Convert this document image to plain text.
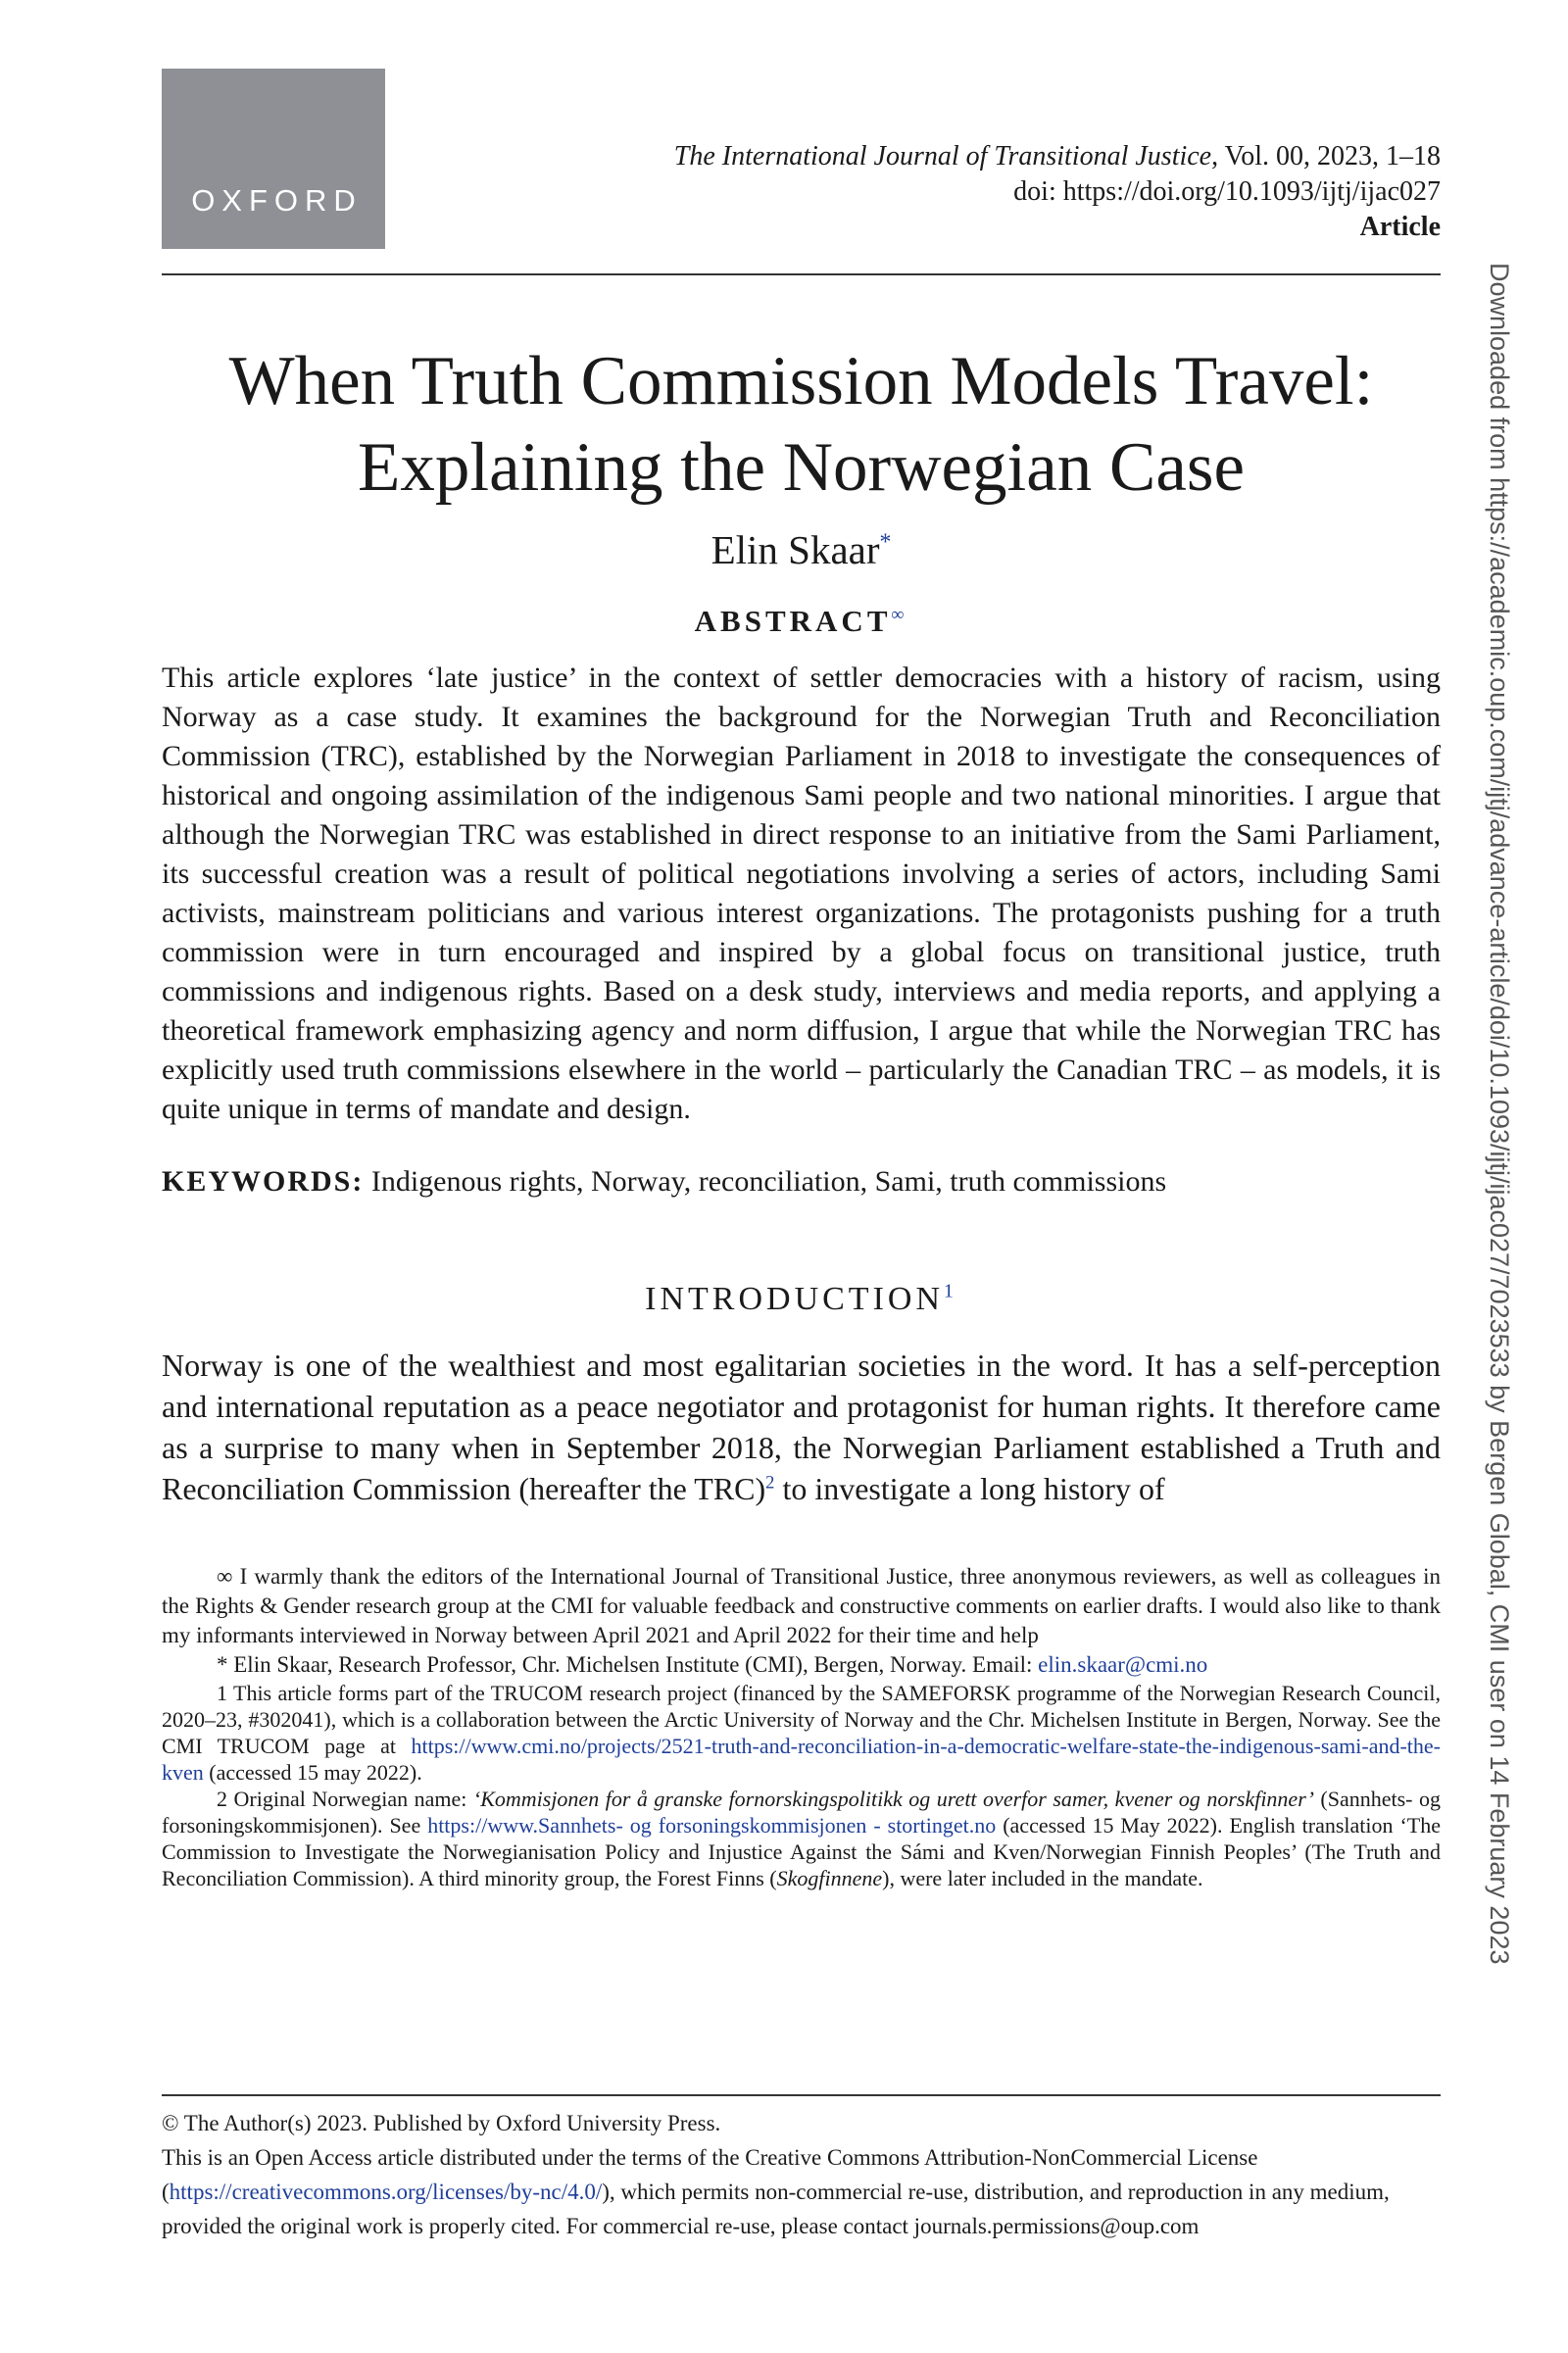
OXFORD
The International Journal of Transitional Justice, Vol. 00, 2023, 1–18
doi: https://doi.org/10.1093/ijtj/ijac027
Article
Downloaded from https://academic.oup.com/ijtj/advance-article/doi/10.1093/ijtj/ijac027/7023533 by Bergen Global, CMI user on 14 February 2023
When Truth Commission Models Travel:
Explaining the Norwegian Case
Elin Skaar*
ABSTRACT∞

This article explores ‘late justice’ in the context of settler democracies with a history of racism, using Norway as a case study. It examines the background for the Norwegian Truth and Reconciliation Commission (TRC), established by the Norwegian Parliament in 2018 to investigate the consequences of historical and ongoing assimilation of the indigenous Sami people and two national minorities. I argue that although the Norwegian TRC was established in direct response to an initiative from the Sami Parliament, its successful creation was a result of political negotiations involving a series of actors, including Sami activists, mainstream politicians and various interest organizations. The protagonists pushing for a truth commission were in turn encouraged and inspired by a global focus on transitional justice, truth commissions and indigenous rights. Based on a desk study, interviews and media reports, and applying a theoretical framework emphasizing agency and norm diffusion, I argue that while the Norwegian TRC has explicitly used truth commissions elsewhere in the world – particularly the Canadian TRC – as models, it is quite unique in terms of mandate and design.

KEYWORDS: Indigenous rights, Norway, reconciliation, Sami, truth commissions
INTRODUCTION$^1$

Norway is one of the wealthiest and most egalitarian societies in the word. It has a self-perception and international reputation as a peace negotiator and protagonist for human rights. It therefore came as a surprise to many when in September 2018, the Norwegian Parliament established a Truth and Reconciliation Commission (hereafter the TRC)$^2$ to investigate a long history of

∞ I warmly thank the editors of the International Journal of Transitional Justice, three anonymous reviewers, as well as colleagues in the Rights & Gender research group at the CMI for valuable feedback and constructive comments on earlier drafts. I would also like to thank my informants interviewed in Norway between April 2021 and April 2022 for their time and help

* Elin Skaar, Research Professor, Chr. Michelsen Institute (CMI), Bergen, Norway. Email: elin.skaar@cmi.no

1 This article forms part of the TRUCOM research project (financed by the SAMEFORSK programme of the Norwegian Research Council, 2020–23, #302041), which is a collaboration between the Arctic University of Norway and the Chr. Michelsen Institute in Bergen, Norway. See the CMI TRUCOM page at https://www.cmi.no/projects/2521-truth-and-reconciliation-in-a-democratic-welfare-state-the-indigenous-sami-and-the-kven (accessed 15 may 2022).

2 Original Norwegian name: ‘Kommisjonen for å granske fornorskingspolitikk og urett overfor samer, kvener og norskfinner’ (Sannhets- og forsoningskommisjonen). See https://www.Sannhets- og forsoningskommisjonen - stortinget.no (accessed 15 May 2022). English translation ‘The Commission to Investigate the Norwegianisation Policy and Injustice Against the Sámi and Kven/Norwegian Finnish Peoples’ (The Truth and Reconciliation Commission). A third minority group, the Forest Finns (Skogfinnene), were later included in the mandate.

© The Author(s) 2023. Published by Oxford University Press.

This is an Open Access article distributed under the terms of the Creative Commons Attribution-NonCommercial License (https://creativecommons.org/licenses/by-nc/4.0/), which permits non-commercial re-use, distribution, and reproduction in any medium, provided the original work is properly cited. For commercial re-use, please contact journals.permissions@oup.com
